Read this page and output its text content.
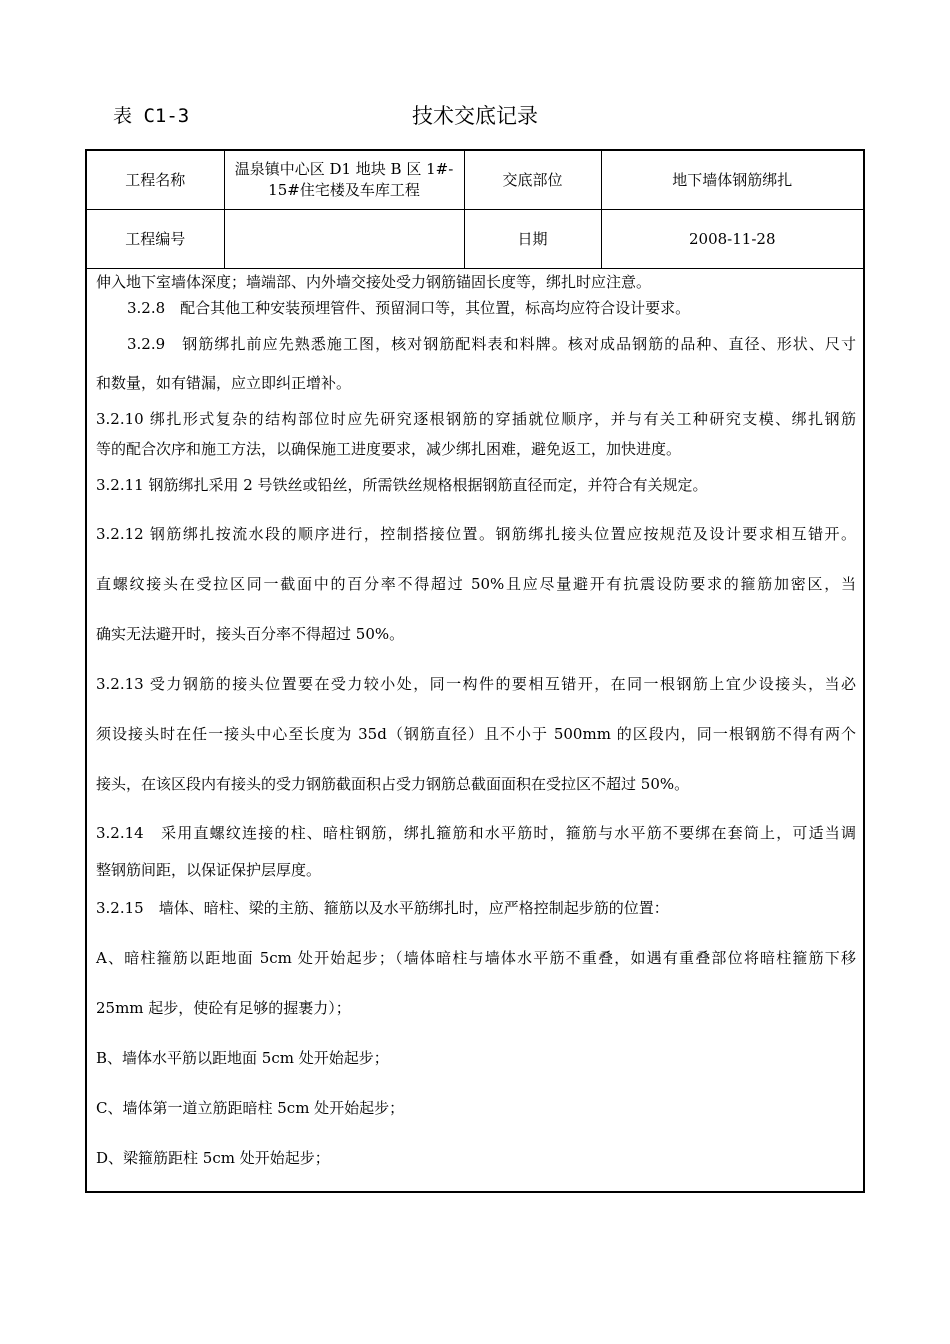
表 C1-3	技术交底记录
工程名称	温泉镇中心区 D1 地块 B 区 1#-
15#住宅楼及车库工程	交底部位	地下墙体钢筋绑扎
工程编号		日期	2008-11-28
伸入地下室墙体深度；墙端部、内外墙交接处受力钢筋锚固长度等，绑扎时应注意。
3.2.8　配合其他工种安装预埋管件、预留洞口等，其位置，标高均应符合设计要求。
3.2.9　钢筋绑扎前应先熟悉施工图，核对钢筋配料表和料牌。核对成品钢筋的品种、直径、形状、尺寸
和数量，如有错漏，应立即纠正增补。
3.2.10 绑扎形式复杂的结构部位时应先研究逐根钢筋的穿插就位顺序，并与有关工种研究支模、绑扎钢筋
等的配合次序和施工方法，以确保施工进度要求，减少绑扎困难，避免返工，加快进度。
3.2.11 钢筋绑扎采用 2 号铁丝或铅丝，所需铁丝规格根据钢筋直径而定，并符合有关规定。
3.2.12 钢筋绑扎按流水段的顺序进行，控制搭接位置。钢筋绑扎接头位置应按规范及设计要求相互错开。
直螺纹接头在受拉区同一截面中的百分率不得超过 50%且应尽量避开有抗震设防要求的箍筋加密区，当
确实无法避开时，接头百分率不得超过 50%。
3.2.13 受力钢筋的接头位置要在受力较小处，同一构件的要相互错开，在同一根钢筋上宜少设接头，当必
须设接头时在任一接头中心至长度为 35d（钢筋直径）且不小于 500mm 的区段内，同一根钢筋不得有两个
接头，在该区段内有接头的受力钢筋截面积占受力钢筋总截面面积在受拉区不超过 50%。
3.2.14　采用直螺纹连接的柱、暗柱钢筋，绑扎箍筋和水平筋时，箍筋与水平筋不要绑在套筒上，可适当调
整钢筋间距，以保证保护层厚度。
3.2.15　墙体、暗柱、梁的主筋、箍筋以及水平筋绑扎时，应严格控制起步筋的位置：
A、暗柱箍筋以距地面 5cm 处开始起步；（墙体暗柱与墙体水平筋不重叠，如遇有重叠部位将暗柱箍筋下移
25mm 起步，使砼有足够的握裹力）；
B、墙体水平筋以距地面 5cm 处开始起步；
C、墙体第一道立筋距暗柱 5cm 处开始起步；
D、梁箍筋距柱 5cm 处开始起步；
